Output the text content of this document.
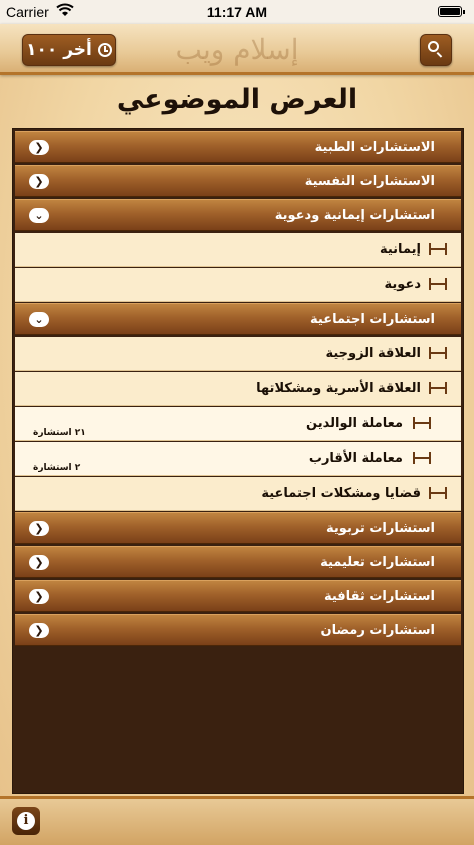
Carrier	11:17 AM
إسلام ويب
أخر ١٠٠
العرض الموضوعي
الاستشارات الطبية
❮
الاستشارات النفسية
❮
استشارات إيمانية ودعوية
⌄
إيمانية
دعوية
استشارات اجتماعية
⌄
العلاقة الزوجية
العلاقة الأسرية ومشكلاتها
معاملة الوالدين
٢١ استشارة
معاملة الأقارب
٢ استشارة
قضايا ومشكلات اجتماعية
استشارات تربوية
❮
استشارات تعليمية
❮
استشارات ثقافية
❮
استشارات رمضان
❮
i
